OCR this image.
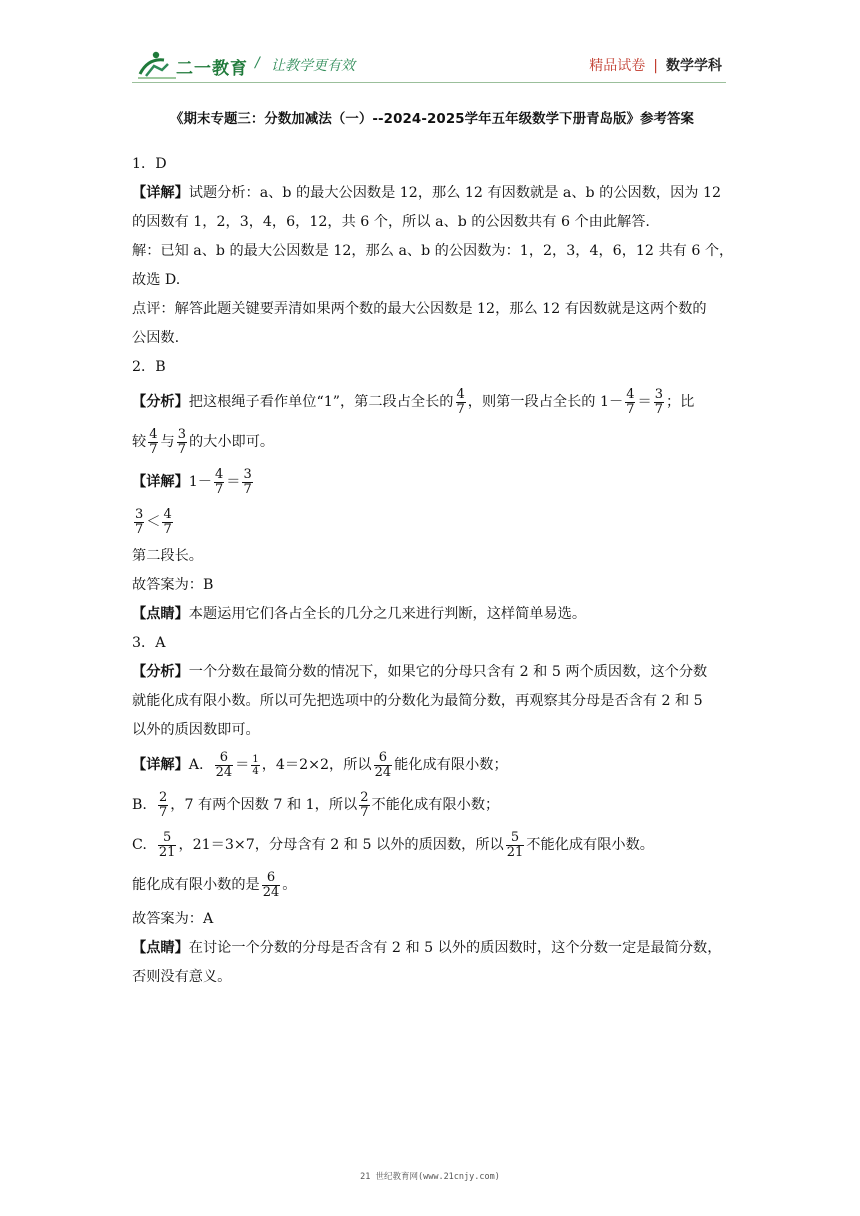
二一教育 / 让教学更有效	精品试卷 | 数学学科
《期末专题三：分数加减法（一）--2024-2025学年五年级数学下册青岛版》参考答案

1．D

【详解】试题分析：a、b 的最大公因数是 12，那么 12 有因数就是 a、b 的公因数，因为 12

的因数有 1，2，3，4，6，12，共 6 个，所以 a、b 的公因数共有 6 个由此解答.

解：已知 a、b 的最大公因数是 12，那么 a、b 的公因数为：1，2，3，4，6，12 共有 6 个，

故选 D.

点评：解答此题关键要弄清如果两个数的最大公因数是 12，那么 12 有因数就是这两个数的

公因数.

2．B

【分析】把这根绳子看作单位“1”，第二段占全长的 $\frac{4}{7}$ ，则第一段占全长的 $1- \frac{4}{7} = \frac{3}{7}$ ；比

较 $\frac{4}{7}$ 与 $\frac{3}{7}$ 的大小即可。

【详解】$1- \frac{4}{7} = \frac{3}{7}$

$\frac{3}{7} < \frac{4}{7}$

第二段长。

故答案为：B

【点睛】本题运用它们各占全长的几分之几来进行判断，这样简单易选。

3．A

【分析】一个分数在最简分数的情况下，如果它的分母只含有 2 和 5 两个质因数，这个分数

就能化成有限小数。所以可先把选项中的分数化为最简分数，再观察其分母是否含有 2 和 5

以外的质因数即可。

【详解】A. $\frac{6}{24} = \frac{1}{4}$ ，4＝2×2，所以 $\frac{6}{24}$ 能化成有限小数；

B. $\frac{2}{7}$ ，7 有两个因数 7 和 1，所以 $\frac{2}{7}$ 不能化成有限小数；

C. $\frac{5}{21}$ ，21＝3×7，分母含有 2 和 5 以外的质因数，所以 $\frac{5}{21}$ 不能化成有限小数。

能化成有限小数的是 $\frac{6}{24}$ 。

故答案为：A

【点睛】在讨论一个分数的分母是否含有 2 和 5 以外的质因数时，这个分数一定是最简分数，

否则没有意义。

21 世纪教育网(www.21cnjy.com)
